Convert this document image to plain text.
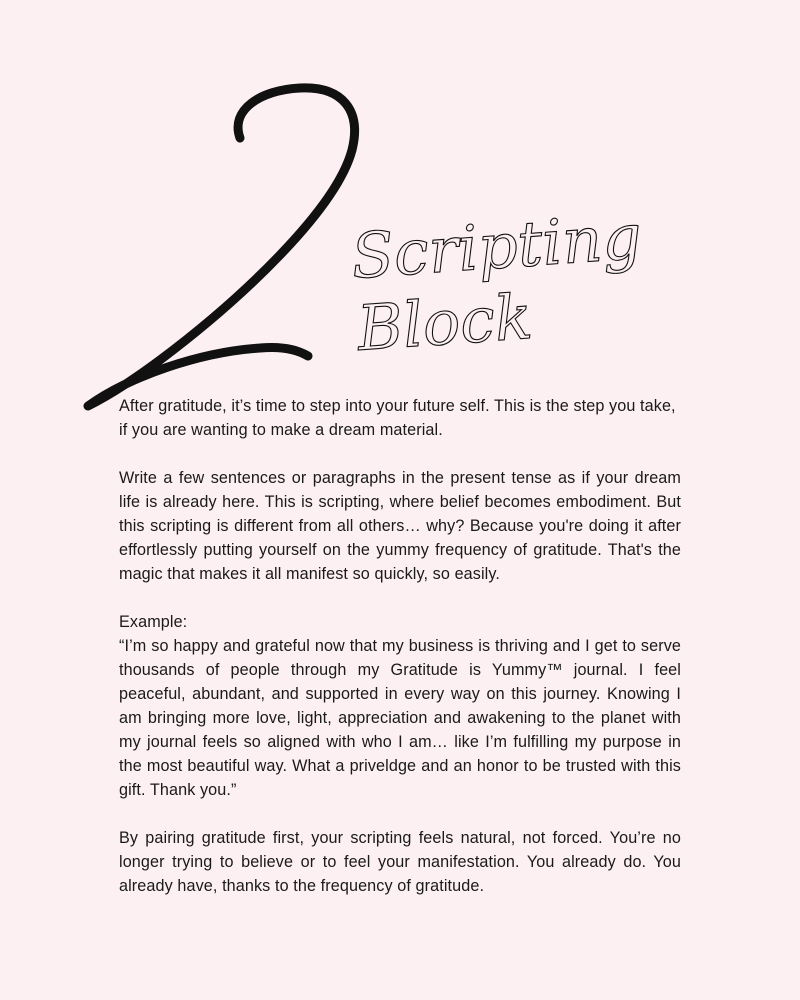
Scripting
Block

After gratitude, it’s time to step into your future self. This is the step you take, if you are wanting to make a dream material.

Write a few sentences or paragraphs in the present tense as if your dream life is already here. This is scripting, where belief becomes embodiment. But this scripting is different from all others… why? Because you're doing it after effortlessly putting yourself on the yummy frequency of gratitude. That's the magic that makes it all manifest so quickly, so easily.

Example:

“I’m so happy and grateful now that my business is thriving and I get to serve thousands of people through my Gratitude is Yummy™ journal. I feel peaceful, abundant, and supported in every way on this journey. Knowing I am bringing more love, light, appreciation and awakening to the planet with my journal feels so aligned with who I am… like I’m fulfilling my purpose in the most beautiful way. What a priveldge and an honor to be trusted with this gift. Thank you.”

By pairing gratitude first, your scripting feels natural, not forced. You’re no longer trying to believe or to feel your manifestation. You already do. You already have, thanks to the frequency of gratitude.
